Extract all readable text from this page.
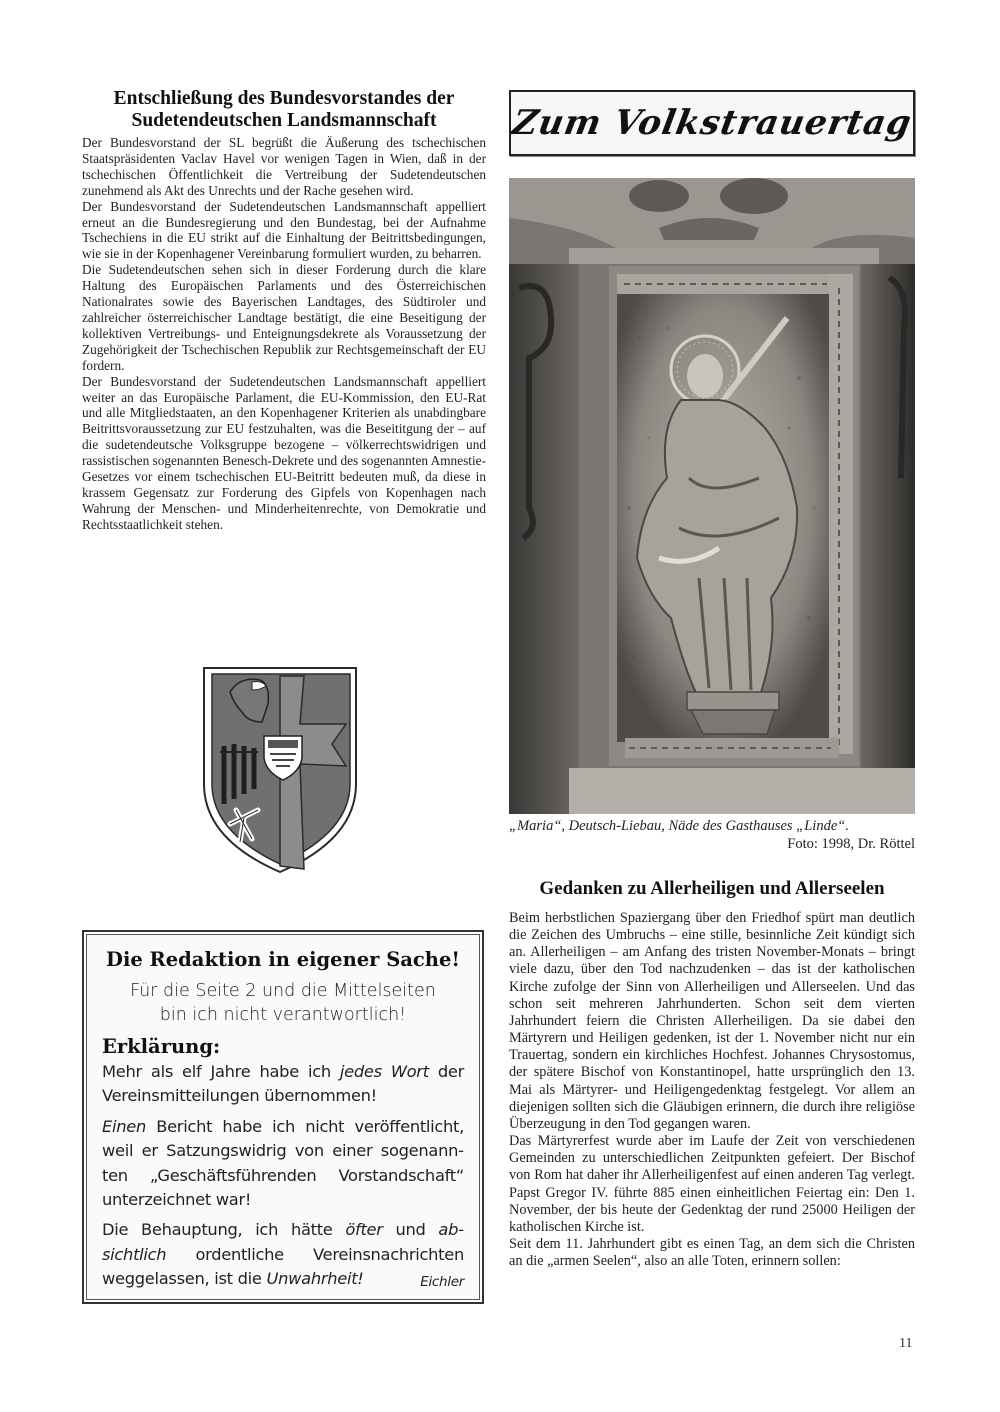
Entschließung des Bundesvorstandes der
Sudetendeutschen Landsmannschaft

Der Bundesvorstand der SL begrüßt die Äußerung des tschechischen Staatspräsidenten Vaclav Havel vor wenigen Tagen in Wien, daß in der tschechischen Öffentlichkeit die Vertreibung der Sudetendeutschen zunehmend als Akt des Unrechts und der Rache gesehen wird.

Der Bundesvorstand der Sudetendeutschen Landsmannschaft appelliert erneut an die Bundesregierung und den Bundestag, bei der Aufnahme Tschechiens in die EU strikt auf die Einhaltung der Beitrittsbedingungen, wie sie in der Kopenhagener Vereinbarung formuliert wurden, zu beharren.

Die Sudetendeutschen sehen sich in dieser Forderung durch die klare Haltung des Europäischen Parlaments und des Österreichischen Nationalrates sowie des Bayerischen Landtages, des Südtiroler und zahlreicher österreichischer Landtage bestätigt, die eine Beseitigung der kollektiven Vertreibungs- und Enteignungsdekrete als Voraussetzung der Zugehörigkeit der Tschechischen Republik zur Rechtsgemeinschaft der EU fordern.

Der Bundesvorstand der Sudetendeutschen Landsmannschaft appelliert weiter an das Europäische Parlament, die EU-Kommission, den EU-Rat und alle Mitgliedstaaten, an den Kopenhagener Kriterien als unabdingbare Beitrittsvoraussetzung zur EU festzuhalten, was die Beseititgung der – auf die sudetendeutsche Volksgruppe bezogene – völkerrechtswidrigen und rassistischen sogenannten Benesch-Dekrete und des sogenannten Amnestie-Gesetzes vor einem tschechischen EU-Beitritt bedeuten muß, da diese in krassem Gegensatz zur Forderung des Gipfels von Kopenhagen nach Wahrung der Menschen- und Minderheitenrechte, von Demokratie und Rechtsstaatlichkeit stehen.

Die Redaktion in eigener Sache!
Für die Seite 2 und die Mittelseiten
bin ich nicht verantwortlich!
Erklärung:

Mehr als elf Jahre habe ich jedes Wort der Vereinsmitteilungen übernommen!

Einen Bericht habe ich nicht veröffentlicht, weil er Satzungswidrig von einer sogenannten „Geschäftsführenden Vorstandschaft“ unterzeichnet war!

Die Behauptung, ich hätte öfter und absichtlich ordentliche Vereinsnachrichten weggelassen, ist die Unwahrheit!	Eichler

Zum Volkstrauertag
„Maria“, Deutsch-Liebau, Näde des Gasthauses „Linde“.
Foto: 1998, Dr. Röttel
Gedanken zu Allerheiligen und Allerseelen

Beim herbstlichen Spaziergang über den Friedhof spürt man deutlich die Zeichen des Umbruchs – eine stille, besinnliche Zeit kündigt sich an. Allerheiligen – am Anfang des tristen November-Monats – bringt viele dazu, über den Tod nachzudenken – das ist der katholischen Kirche zufolge der Sinn von Allerheiligen und Allerseelen. Und das schon seit mehreren Jahrhunderten. Schon seit dem vierten Jahrhundert feiern die Christen Allerheiligen. Da sie dabei den Märtyrern und Heiligen gedenken, ist der 1. November nicht nur ein Trauertag, sondern ein kirchliches Hochfest. Johannes Chrysostomus, der spätere Bischof von Konstantinopel, hatte ursprünglich den 13. Mai als Märtyrer- und Heiligengedenktag festgelegt. Vor allem an diejenigen sollten sich die Gläubigen erinnern, die durch ihre religiöse Überzeugung in den Tod gegangen waren.

Das Märtyrerfest wurde aber im Laufe der Zeit von verschiedenen Gemeinden zu unterschiedlichen Zeitpunkten gefeiert. Der Bischof von Rom hat daher ihr Allerheiligenfest auf einen anderen Tag verlegt. Papst Gregor IV. führte 885 einen einheitlichen Feiertag ein: Den 1. November, der bis heute der Gedenktag der rund 25000 Heiligen der katholischen Kirche ist.

Seit dem 11. Jahrhundert gibt es einen Tag, an dem sich die Christen an die „armen Seelen“, also an alle Toten, erinnern sollen:

11
